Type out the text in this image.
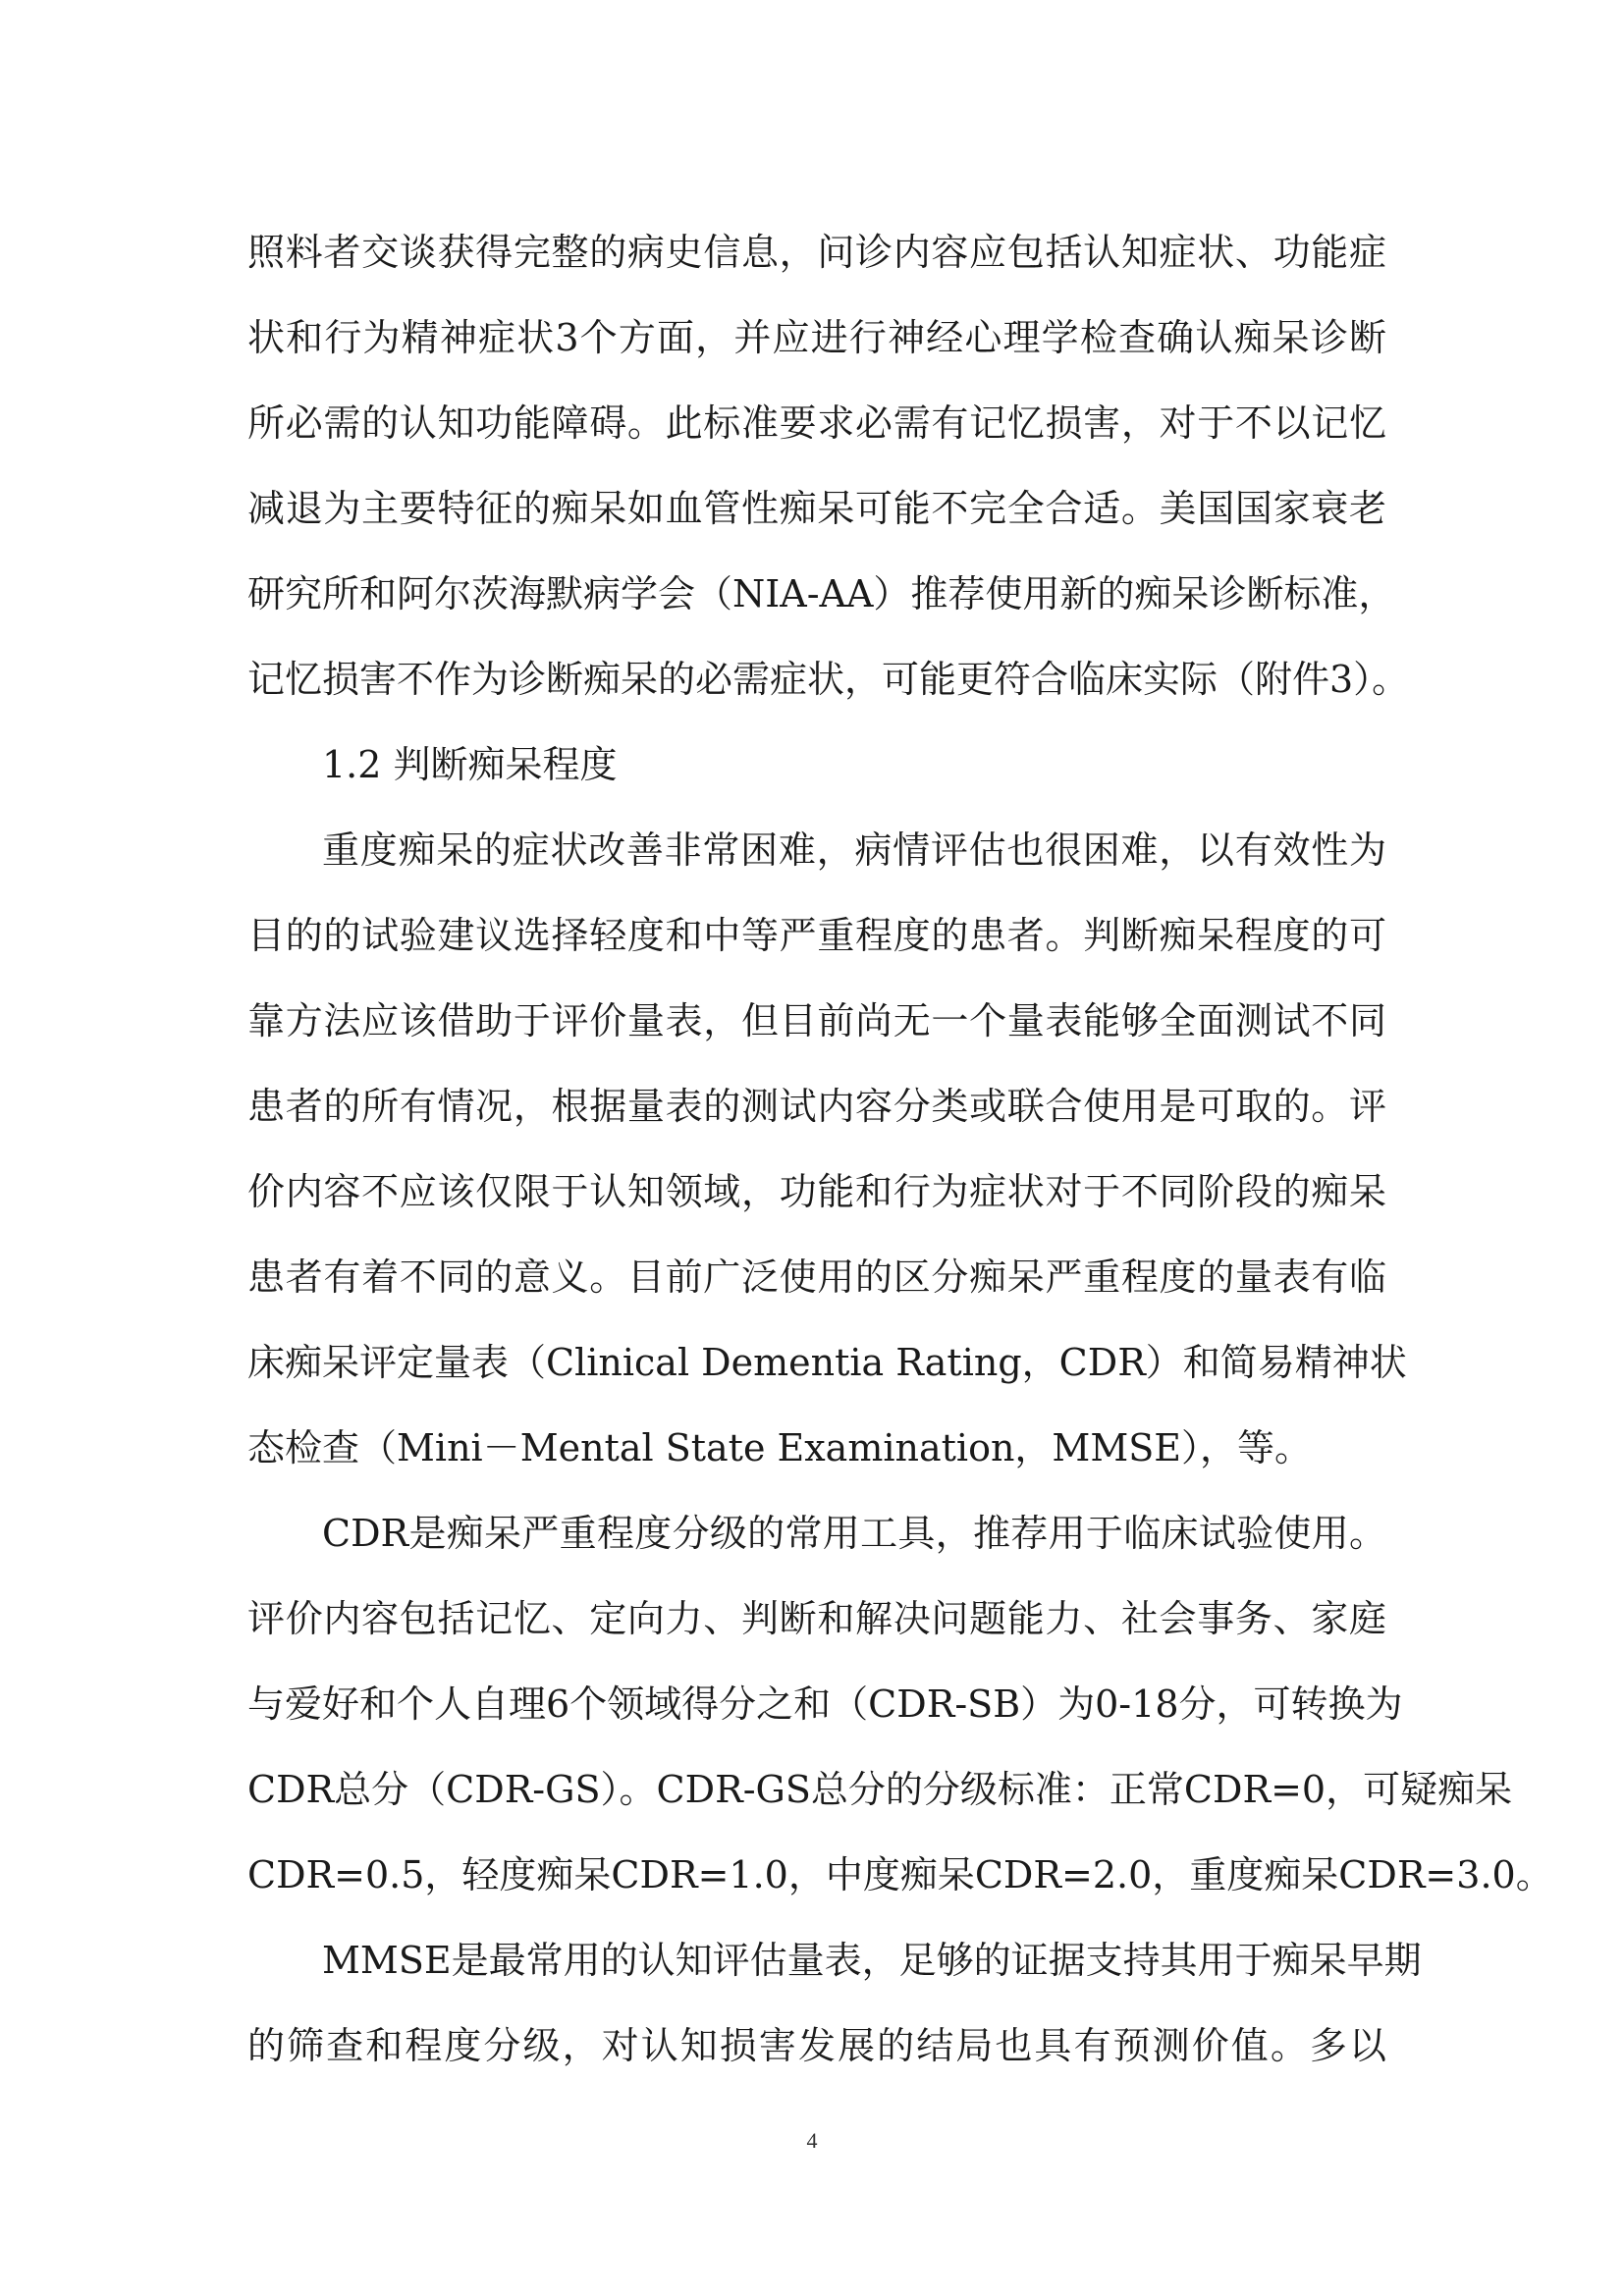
照料者交谈获得完整的病史信息，问诊内容应包括认知症状、功能症
状和行为精神症状3个方面，并应进行神经心理学检查确认痴呆诊断
所必需的认知功能障碍。此标准要求必需有记忆损害，对于不以记忆
减退为主要特征的痴呆如血管性痴呆可能不完全合适。美国国家衰老
研究所和阿尔茨海默病学会（NIA-AA）推荐使用新的痴呆诊断标准，
记忆损害不作为诊断痴呆的必需症状，可能更符合临床实际（附件3）。
1.2 判断痴呆程度
重度痴呆的症状改善非常困难，病情评估也很困难，以有效性为
目的的试验建议选择轻度和中等严重程度的患者。判断痴呆程度的可
靠方法应该借助于评价量表，但目前尚无一个量表能够全面测试不同
患者的所有情况，根据量表的测试内容分类或联合使用是可取的。评
价内容不应该仅限于认知领域，功能和行为症状对于不同阶段的痴呆
患者有着不同的意义。目前广泛使用的区分痴呆严重程度的量表有临
床痴呆评定量表（Clinical Dementia Rating，CDR）和简易精神状
态检查（Mini－Mental State Examination，MMSE），等。
CDR是痴呆严重程度分级的常用工具，推荐用于临床试验使用。
评价内容包括记忆、定向力、判断和解决问题能力、社会事务、家庭
与爱好和个人自理6个领域得分之和（CDR-SB）为0-18分，可转换为
CDR总分（CDR-GS）。CDR-GS总分的分级标准：正常CDR=0，可疑痴呆
CDR=0.5，轻度痴呆CDR=1.0，中度痴呆CDR=2.0，重度痴呆CDR=3.0。
MMSE是最常用的认知评估量表，足够的证据支持其用于痴呆早期
的筛查和程度分级，对认知损害发展的结局也具有预测价值。多以
4
